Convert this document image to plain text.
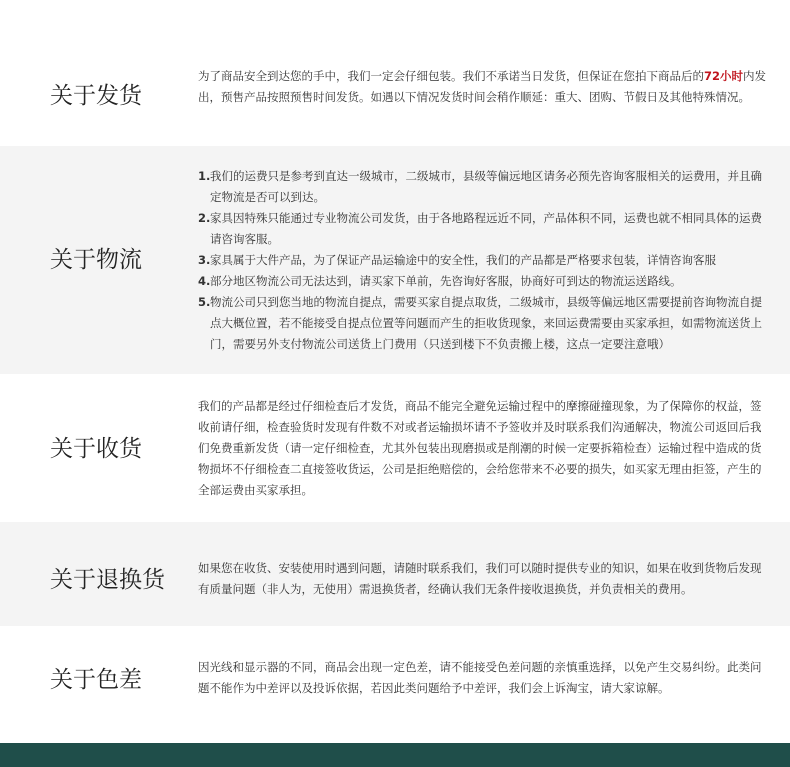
关于发货

为了商品安全到达您的手中，我们一定会仔细包装。我们不承诺当日发货，但保证在您拍下商品后的72小时内发出，预售产品按照预售时间发货。如遇以下情况发货时间会稍作顺延：重大、团购、节假日及其他特殊情况。

关于物流
1. 我们的运费只是参考到直达一级城市，二级城市，县级等偏远地区请务必预先咨询客服相关的运费用，并且确定物流是否可以到达。
2. 家具因特殊只能通过专业物流公司发货，由于各地路程远近不同，产品体积不同，运费也就不相同具体的运费请咨询客服。
3. 家具属于大件产品，为了保证产品运输途中的安全性，我们的产品都是严格要求包装，详情咨询客服
4. 部分地区物流公司无法达到，请买家下单前，先咨询好客服，协商好可到达的物流运送路线。
5. 物流公司只到您当地的物流自提点，需要买家自提点取货，二级城市，县级等偏远地区需要提前咨询物流自提点大概位置，若不能接受自提点位置等问题而产生的拒收货现象，来回运费需要由买家承担，如需物流送货上门，需要另外支付物流公司送货上门费用（只送到楼下不负责搬上楼，这点一定要注意哦）
关于收货

我们的产品都是经过仔细检查后才发货，商品不能完全避免运输过程中的摩擦碰撞现象，为了保障你的权益，签收前请仔细，检查验货时发现有件数不对或者运输损坏请不予签收并及时联系我们沟通解决，物流公司返回后我们免费重新发货（请一定仔细检查，尤其外包装出现磨损或是削潮的时候一定要拆箱检查）运输过程中造成的货物损坏不仔细检查二直接签收货运，公司是拒绝赔偿的，会给您带来不必要的损失，如买家无理由拒签，产生的全部运费由买家承担。

关于退换货	如果您在收货、安装使用时遇到问题，请随时联系我们，我们可以随时提供专业的知识，如果在收到货物后发现有质量问题（非人为，无使用）需退换货者，经确认我们无条件接收退换货，并负责相关的费用。

关于色差	因光线和显示器的不同，商品会出现一定色差，请不能接受色差问题的亲慎重选择，以免产生交易纠纷。此类问题不能作为中差评以及投诉依据，若因此类问题给予中差评，我们会上诉淘宝，请大家谅解。
